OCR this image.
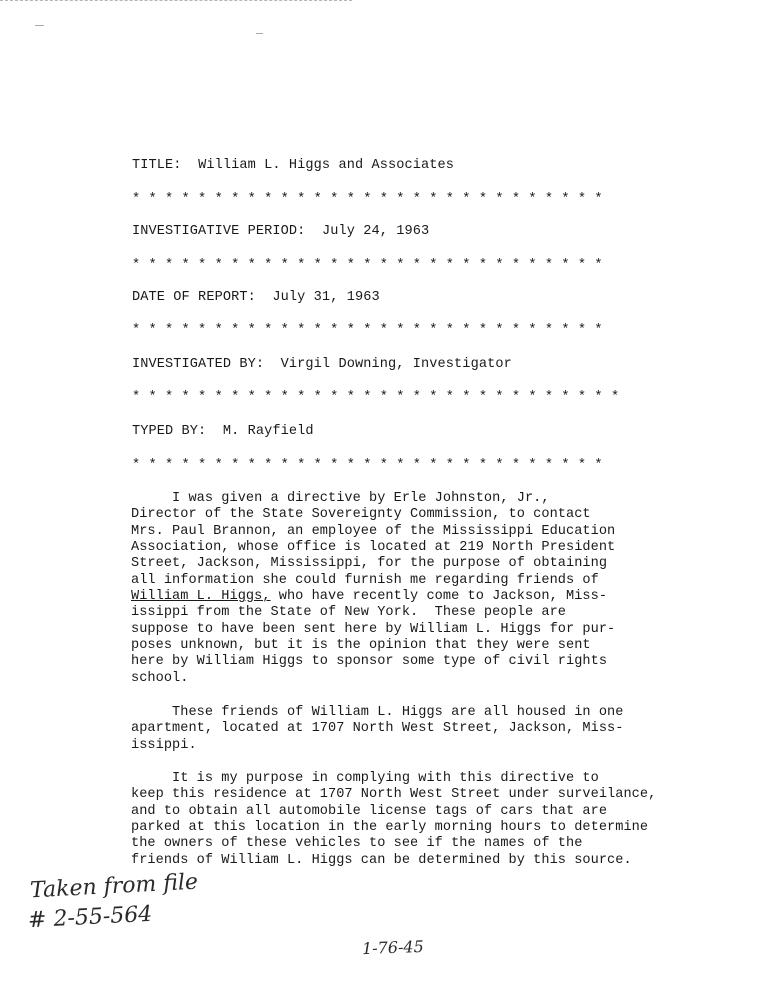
TITLE: William L. Higgs and Associates
* * * * * * * * * * * * * * * * * * * * * * * * * * * * *
INVESTIGATIVE PERIOD: July 24, 1963
* * * * * * * * * * * * * * * * * * * * * * * * * * * * *
DATE OF REPORT: July 31, 1963
* * * * * * * * * * * * * * * * * * * * * * * * * * * * *
INVESTIGATED BY: Virgil Downing, Investigator
* * * * * * * * * * * * * * * * * * * * * * * * * * * * * *
TYPED BY: M. Rayfield
* * * * * * * * * * * * * * * * * * * * * * * * * * * * *
I was given a directive by Erle Johnston, Jr.,
Director of the State Sovereignty Commission, to contact
Mrs. Paul Brannon, an employee of the Mississippi Education
Association, whose office is located at 219 North President
Street, Jackson, Mississippi, for the purpose of obtaining
all information she could furnish me regarding friends of
William L. Higgs, who have recently come to Jackson, Miss-
issippi from the State of New York.  These people are
suppose to have been sent here by William L. Higgs for pur-
poses unknown, but it is the opinion that they were sent
here by William Higgs to sponsor some type of civil rights
school.
These friends of William L. Higgs are all housed in one
apartment, located at 1707 North West Street, Jackson, Miss-
issippi.
It is my purpose in complying with this directive to
keep this residence at 1707 North West Street under surveilance,
and to obtain all automobile license tags of cars that are
parked at this location in the early morning hours to determine
the owners of these vehicles to see if the names of the
friends of William L. Higgs can be determined by this source.
Taken from file
# 2-55-564
1-76-45
